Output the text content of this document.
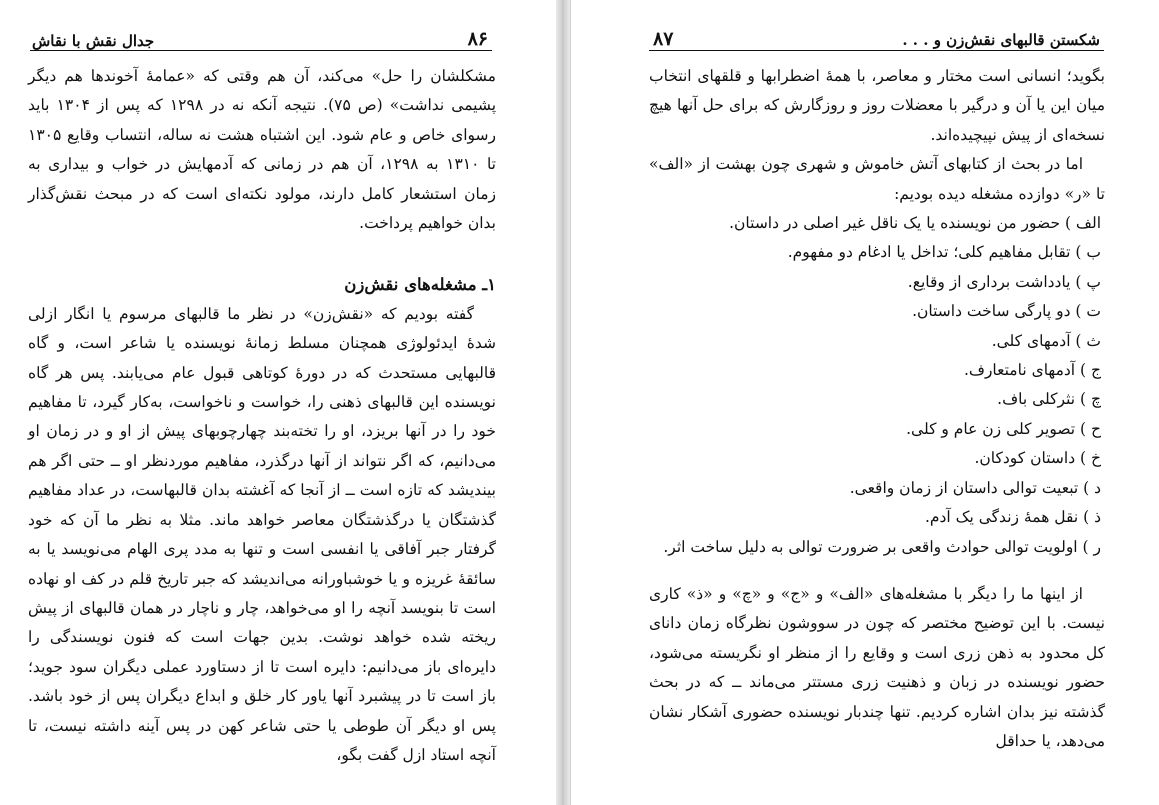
۸۶
جدال نقش با نقاش

مشکلشان را حل» می‌کند، آن هم وقتی که «عمامهٔ آخوندها هم دیگر پشیمی نداشت» (ص ۷۵). نتیجه آنکه نه در ۱۲۹۸ که پس از ۱۳۰۴ باید رسوای خاص و عام شود. این اشتباه هشت نه ساله، انتساب وقایع ۱۳۰۵ تا ۱۳۱۰ به ۱۲۹۸، آن هم در زمانی که آدمهایش در خواب و بیداری به زمان استشعار کامل دارند، مولود نکته‌ای است که در مبحث نقش‌گذار بدان خواهیم پرداخت.

۱ـ مشغله‌های نقش‌زن

گفته بودیم که «نقش‌زن» در نظر ما قالبهای مرسوم یا انگار ازلی شدهٔ ایدئولوژی همچنان مسلط زمانهٔ نویسنده یا شاعر است، و گاه قالبهایی مستحدث که در دورهٔ کوتاهی قبول عام می‌یابند. پس هر گاه نویسنده این قالبهای ذهنی را، خواست و ناخواست، به‌کار گیرد، تا مفاهیم خود را در آنها بریزد، او را تخته‌بند چهارچوبهای پیش از او و در زمان او می‌دانیم، که اگر نتواند از آنها درگذرد، مفاهیم موردنظر او ــ حتی اگر هم بیندیشد که تازه است ــ از آنجا که آغشته بدان قالبهاست، در عداد مفاهیم گذشتگان یا درگذشتگان معاصر خواهد ماند. مثلا به نظر ما آن که خود گرفتار جبر آفاقی یا انفسی است و تنها به مدد پری الهام می‌نویسد یا به سائقهٔ غریزه و یا خوشباورانه می‌اندیشد که جبر تاریخ قلم در کف او نهاده است تا بنویسد آنچه را او می‌خواهد، چار و ناچار در همان قالبهای از پیش ریخته شده خواهد نوشت. بدین جهات است که فنون نویسندگی را دایره‌ای باز می‌دانیم: دایره است تا از دستاورد عملی دیگران سود جوید؛ باز است تا در پیشبرد آنها یاور کار خلق و ابداع دیگران پس از خود باشد. پس او دیگر آن طوطی یا حتی شاعر کهن در پس آینه داشته نیست، تا آنچه استاد ازل گفت بگو،

شکستن قالبهای نقش‌زن و . . .
۸۷

بگوید؛ انسانی است مختار و معاصر، با همهٔ اضطرابها و قلقهای انتخاب میان این یا آن و درگیر با معضلات روز و روزگارش که برای حل آنها هیچ نسخه‌ای از پیش نپیچیده‌اند.

اما در بحث از کتابهای آتش خاموش و شهری چون بهشت از «الف» تا «ر» دوازده مشغله دیده بودیم:

الف ) حضور من نویسنده یا یک ناقل غیر اصلی در داستان.
ب ) تقابل مفاهیم کلی؛ تداخل یا ادغام دو مفهوم.
پ ) یادداشت برداری از وقایع.
ت ) دو پارگی ساخت داستان.
ث ) آدمهای کلی.
ج ) آدمهای نامتعارف.
چ ) نثرکلی باف.
ح ) تصویر کلی زن عام و کلی.
خ ) داستان کودکان.
د ) تبعیت توالی داستان از زمان واقعی.
ذ ) نقل همهٔ زندگی یک آدم.
ر ) اولویت توالی حوادث واقعی بر ضرورت توالی به دلیل ساخت اثر.

از اینها ما را دیگر با مشغله‌های «الف» و «ج» و «چ» و «ذ» کاری نیست. با این توضیح مختصر که چون در سووشون نظرگاه زمان دانای کل محدود به ذهن زری است و وقایع را از منظر او نگریسته می‌شود، حضور نویسنده در زبان و ذهنیت زری مستتر می‌ماند ــ که در بحث گذشته نیز بدان اشاره کردیم. تنها چندبار نویسنده حضوری آشکار نشان می‌دهد، یا حداقل
